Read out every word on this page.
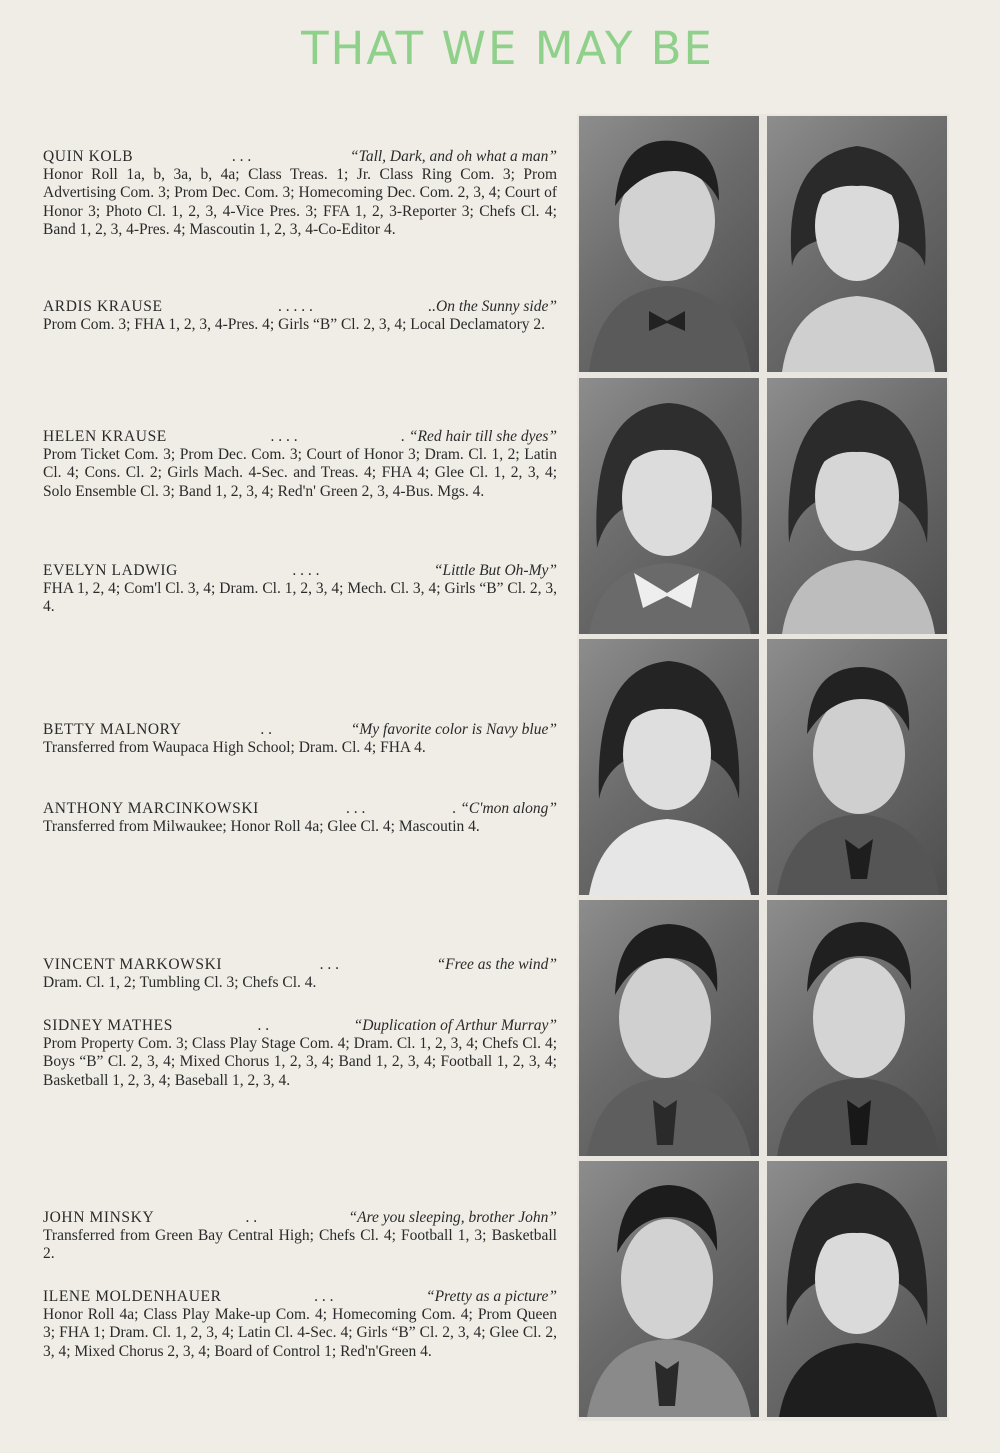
THAT WE MAY BE
QUIN KOLB	. . .	“Tall, Dark, and oh what a man”

Honor Roll 1a, b, 3a, b, 4a; Class Treas. 1; Jr. Class Ring Com. 3; Prom Advertising Com. 3; Prom Dec. Com. 3; Homecoming Dec. Com. 2, 3, 4; Court of Honor 3; Photo Cl. 1, 2, 3, 4-Vice Pres. 3; FFA 1, 2, 3-Reporter 3; Chefs Cl. 4; Band 1, 2, 3, 4-Pres. 4; Mascoutin 1, 2, 3, 4-Co-Editor 4.

ARDIS KRAUSE	. . . . .	..On the Sunny side”

Prom Com. 3; FHA 1, 2, 3, 4-Pres. 4; Girls “B” Cl. 2, 3, 4; Local Declamatory 2.

HELEN KRAUSE	. . . .	. “Red hair till she dyes”

Prom Ticket Com. 3; Prom Dec. Com. 3; Court of Honor 3; Dram. Cl. 1, 2; Latin Cl. 4; Cons. Cl. 2; Girls Mach. 4-Sec. and Treas. 4; FHA 4; Glee Cl. 1, 2, 3, 4; Solo Ensemble Cl. 3; Band 1, 2, 3, 4; Red'n' Green 2, 3, 4-Bus. Mgs. 4.

EVELYN LADWIG	. . . .	“Little But Oh-My”

FHA 1, 2, 4; Com'l Cl. 3, 4; Dram. Cl. 1, 2, 3, 4; Mech. Cl. 3, 4; Girls “B” Cl. 2, 3, 4.

BETTY MALNORY	. .	“My favorite color is Navy blue”

Transferred from Waupaca High School; Dram. Cl. 4; FHA 4.

ANTHONY MARCINKOWSKI	. . .	. “C'mon along”

Transferred from Milwaukee; Honor Roll 4a; Glee Cl. 4; Mascoutin 4.

VINCENT MARKOWSKI	. . .	“Free as the wind”

Dram. Cl. 1, 2; Tumbling Cl. 3; Chefs Cl. 4.

SIDNEY MATHES	. .	“Duplication of Arthur Murray”

Prom Property Com. 3; Class Play Stage Com. 4; Dram. Cl. 1, 2, 3, 4; Chefs Cl. 4; Boys “B” Cl. 2, 3, 4; Mixed Chorus 1, 2, 3, 4; Band 1, 2, 3, 4; Football 1, 2, 3, 4; Basketball 1, 2, 3, 4; Baseball 1, 2, 3, 4.

JOHN MINSKY	. .	“Are you sleeping, brother John”

Transferred from Green Bay Central High; Chefs Cl. 4; Football 1, 3; Basketball 2.

ILENE MOLDENHAUER	. . .	“Pretty as a picture”

Honor Roll 4a; Class Play Make-up Com. 4; Homecoming Com. 4; Prom Queen 3; FHA 1; Dram. Cl. 1, 2, 3, 4; Latin Cl. 4-Sec. 4; Girls “B” Cl. 2, 3, 4; Glee Cl. 2, 3, 4; Mixed Chorus 2, 3, 4; Board of Control 1; Red'n'Green 4.
